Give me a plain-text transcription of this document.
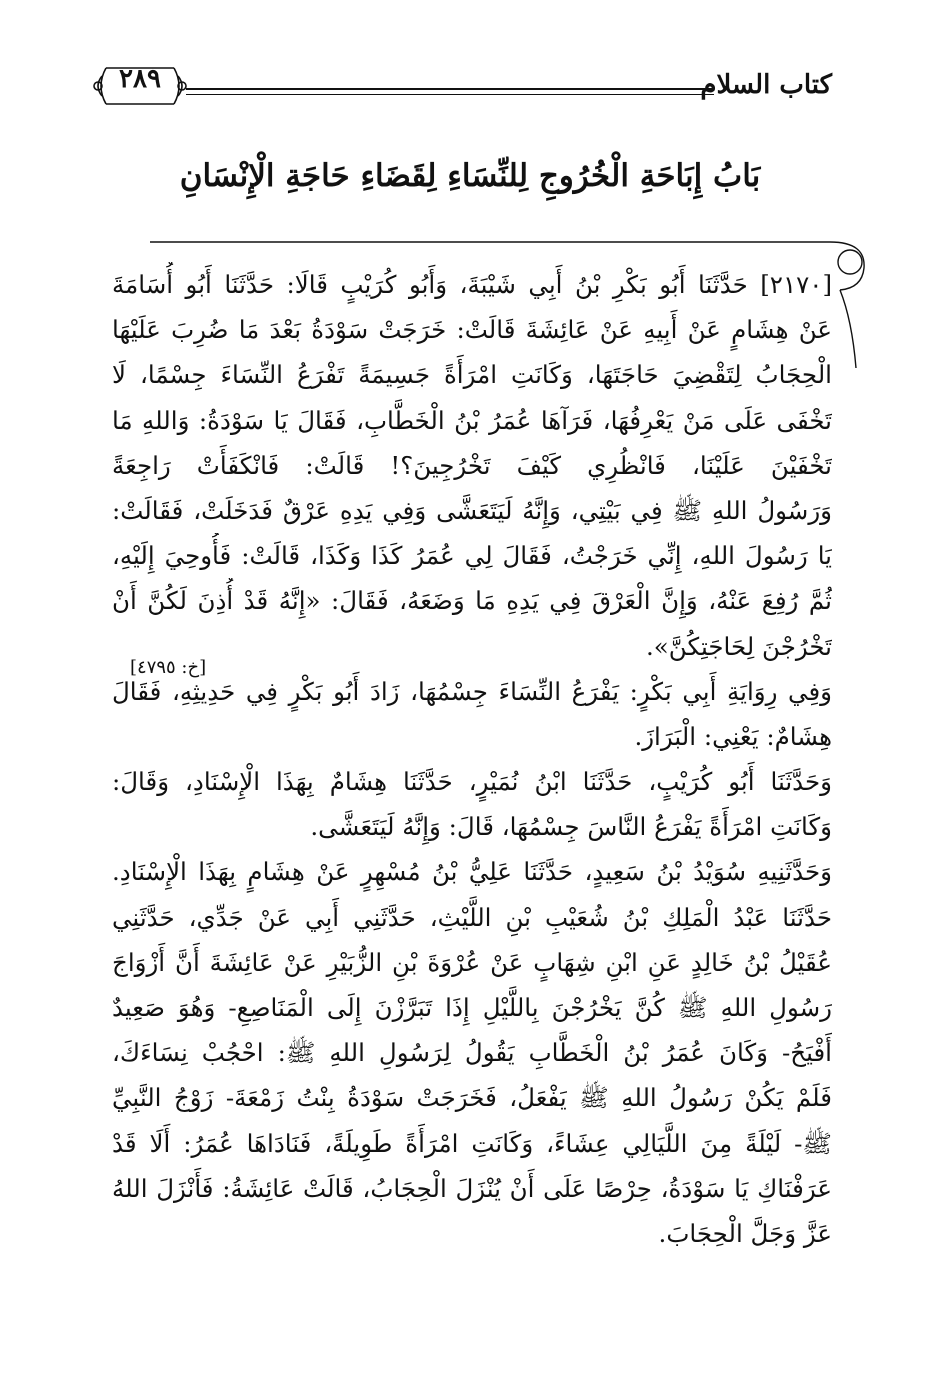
كتاب السلام
٢٨٩
بَابُ إِبَاحَةِ الْخُرُوجِ لِلنِّسَاءِ لِقَضَاءِ حَاجَةِ الْإِنْسَانِ
[٢١٧٠] حَدَّثَنَا أَبُو بَكْرِ بْنُ أَبِي شَيْبَةَ، وَأَبُو كُرَيْبٍ قَالَا: حَدَّثَنَا أَبُو أُسَامَةَ
عَنْ هِشَامٍ عَنْ أَبِيهِ عَنْ عَائِشَةَ قَالَتْ: خَرَجَتْ سَوْدَةُ بَعْدَ مَا ضُرِبَ عَلَيْهَا
الْحِجَابُ لِتَقْضِيَ حَاجَتَهَا، وَكَانَتِ امْرَأَةً جَسِيمَةً تَفْرَعُ النِّسَاءَ جِسْمًا، لَا
تَخْفَى عَلَى مَنْ يَعْرِفُهَا، فَرَآهَا عُمَرُ بْنُ الْخَطَّابِ، فَقَالَ يَا سَوْدَةُ: وَاللهِ مَا
تَخْفَيْنَ عَلَيْنَا، فَانْظُرِي كَيْفَ تَخْرُجِينَ؟! قَالَتْ: فَانْكَفَأَتْ رَاجِعَةً
وَرَسُولُ اللهِ ﷺ فِي بَيْتِي، وَإِنَّهُ لَيَتَعَشَّى وَفِي يَدِهِ عَرْقٌ فَدَخَلَتْ، فَقَالَتْ:
يَا رَسُولَ اللهِ، إِنِّي خَرَجْتُ، فَقَالَ لِي عُمَرُ كَذَا وَكَذَا، قَالَتْ: فَأُوحِيَ إِلَيْهِ،
ثُمَّ رُفِعَ عَنْهُ، وَإِنَّ الْعَرْقَ فِي يَدِهِ مَا وَضَعَهُ، فَقَالَ: «إِنَّهُ قَدْ أُذِنَ لَكُنَّ أَنْ
تَخْرُجْنَ لِحَاجَتِكُنَّ».
وَفِي رِوَايَةِ أَبِي بَكْرٍ: يَفْرَعُ النِّسَاءَ جِسْمُهَا، زَادَ أَبُو بَكْرٍ فِي حَدِيثِهِ، فَقَالَ
هِشَامٌ: يَعْنِي: الْبَرَازَ.
وَحَدَّثَنَا أَبُو كُرَيْبٍ، حَدَّثَنَا ابْنُ نُمَيْرٍ، حَدَّثَنَا هِشَامٌ بِهَذَا الْإِسْنَادِ، وَقَالَ:
وَكَانَتِ امْرَأَةً يَفْرَعُ النَّاسَ جِسْمُهَا، قَالَ: وَإِنَّهُ لَيَتَعَشَّى.
وَحَدَّثَنِيهِ سُوَيْدُ بْنُ سَعِيدٍ، حَدَّثَنَا عَلِيُّ بْنُ مُسْهِرٍ عَنْ هِشَامٍ بِهَذَا الْإِسْنَادِ.
حَدَّثَنَا عَبْدُ الْمَلِكِ بْنُ شُعَيْبِ بْنِ اللَّيْثِ، حَدَّثَنِي أَبِي عَنْ جَدِّي، حَدَّثَنِي
عُقَيْلُ بْنُ خَالِدٍ عَنِ ابْنِ شِهَابٍ عَنْ عُرْوَةَ بْنِ الزُّبَيْرِ عَنْ عَائِشَةَ أَنَّ أَزْوَاجَ
رَسُولِ اللهِ ﷺ كُنَّ يَخْرُجْنَ بِاللَّيْلِ إِذَا تَبَرَّزْنَ إِلَى الْمَنَاصِعِ- وَهُوَ صَعِيدٌ
أَفْيَحُ- وَكَانَ عُمَرُ بْنُ الْخَطَّابِ يَقُولُ لِرَسُولِ اللهِ ﷺ: احْجُبْ نِسَاءَكَ،
فَلَمْ يَكُنْ رَسُولُ اللهِ ﷺ يَفْعَلُ، فَخَرَجَتْ سَوْدَةُ بِنْتُ زَمْعَةَ- زَوْجُ النَّبِيِّ
ﷺ- لَيْلَةً مِنَ اللَّيَالِي عِشَاءً، وَكَانَتِ امْرَأَةً طَوِيلَةً، فَنَادَاهَا عُمَرُ: أَلَا قَدْ
عَرَفْنَاكِ يَا سَوْدَةُ، حِرْصًا عَلَى أَنْ يُنْزَلَ الْحِجَابُ، قَالَتْ عَائِشَةُ: فَأَنْزَلَ اللهُ
عَزَّ وَجَلَّ الْحِجَابَ.
[خ: ٤٧٩٥]
